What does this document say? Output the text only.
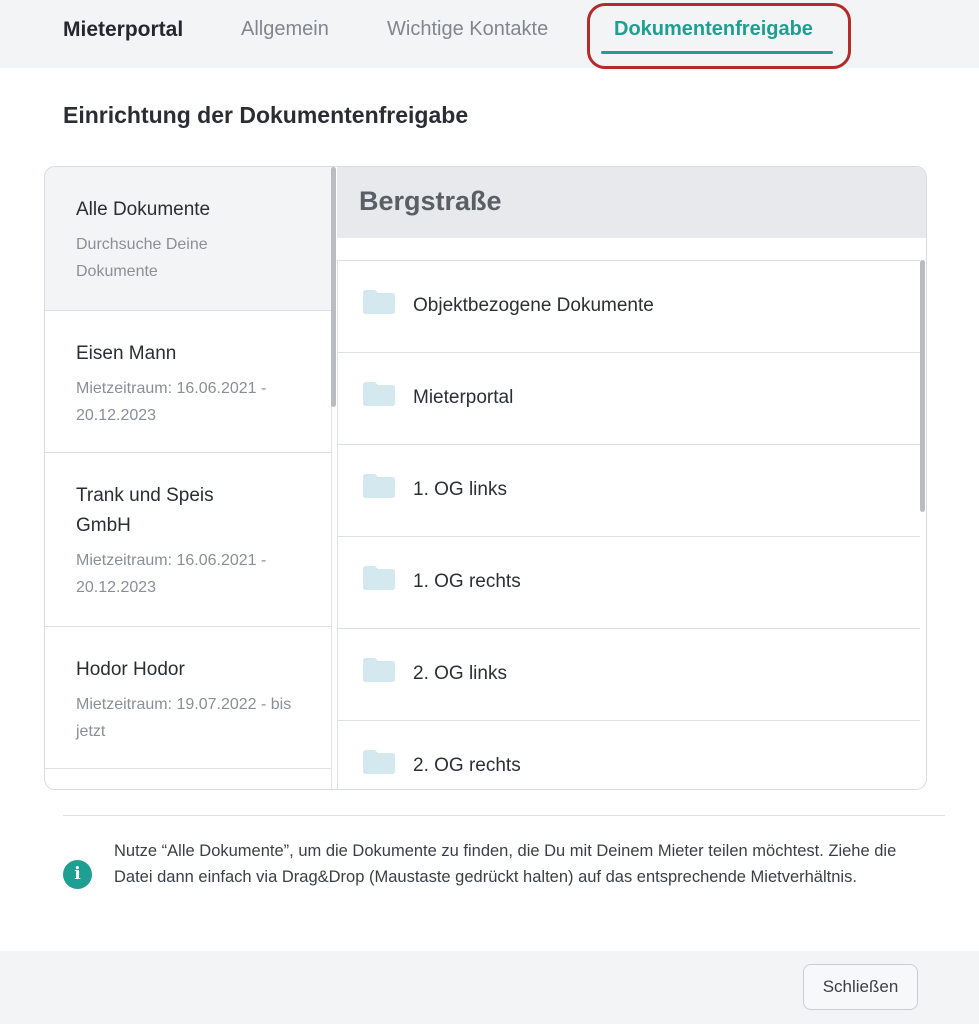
Mieterportal	Allgemein	Wichtige Kontakte	Dokumentenfreigabe
Einrichtung der Dokumentenfreigabe
Alle Dokumente
Durchsuche Deine Dokumente
Eisen Mann
Mietzeitraum: 16.06.2021 - 20.12.2023
Trank und Speis GmbH
Mietzeitraum: 16.06.2021 - 20.12.2023
Hodor Hodor
Mietzeitraum: 19.07.2022 - bis jetzt
Bergstraße
Objektbezogene Dokumente
Mieterportal
1. OG links
1. OG rechts
2. OG links
2. OG rechts
i

Nutze “Alle Dokumente”, um die Dokumente zu finden, die Du mit Deinem Mieter teilen möchtest. Ziehe die Datei dann einfach via Drag&Drop (Maustaste gedrückt halten) auf das entsprechende Mietverhältnis.

Schließen
